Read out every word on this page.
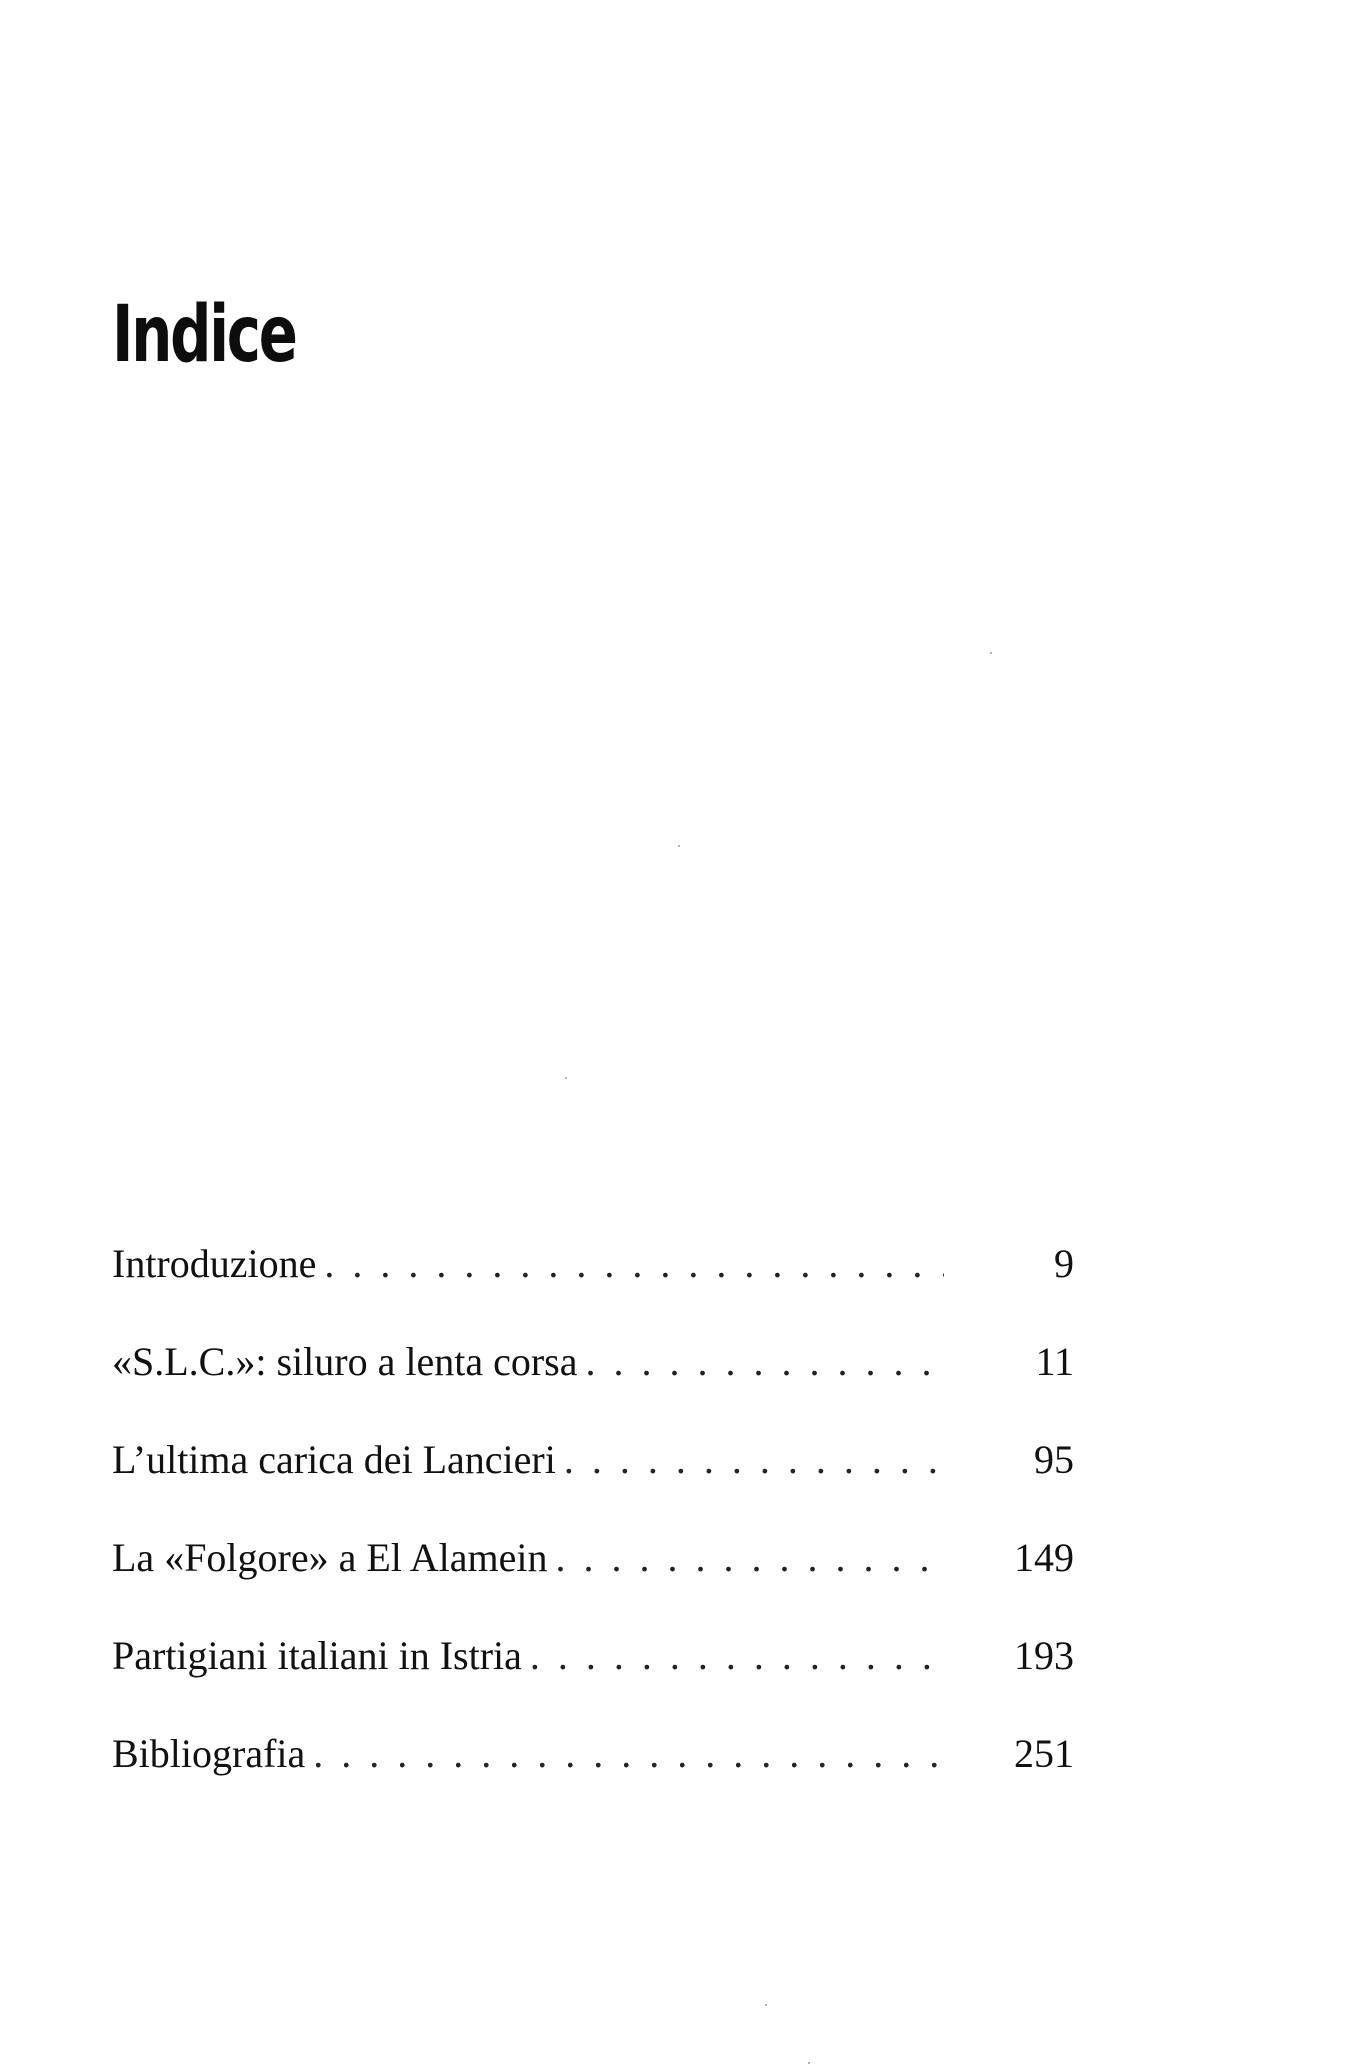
Indice
Introduzione . . .	9
«S.L.C.»: siluro a lenta corsa . . .	11
L’ultima carica dei Lancieri . . .	95
La «Folgore» a El Alamein . . .	149
Partigiani italiani in Istria . . .	193
Bibliografia . . .	251
